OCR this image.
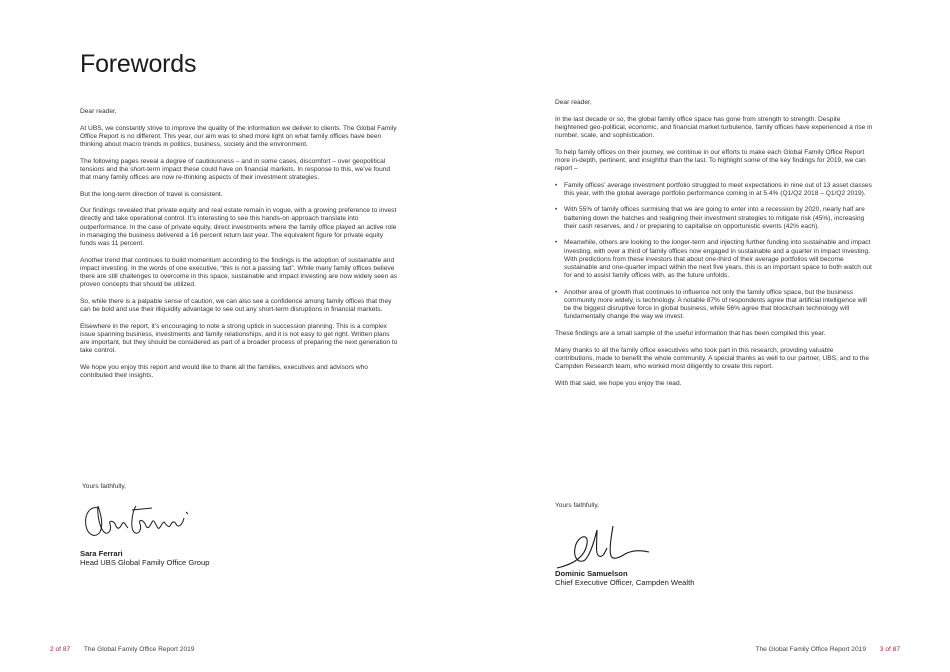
Forewords

Dear reader,

At UBS, we constantly strive to improve the quality of the information we deliver to clients. The Global Family Office Report is no different. This year, our aim was to shed more light on what family offices have been thinking about macro trends in politics, business, society and the environment.

The following pages reveal a degree of cautiousness – and in some cases, discomfort – over geopolitical tensions and the short-term impact these could have on financial markets. In response to this, we’ve found that many family offices are now re-thinking aspects of their investment strategies.

But the long-term direction of travel is consistent.

Our findings revealed that private equity and real estate remain in vogue, with a growing preference to invest directly and take operational control. It’s interesting to see this hands-on approach translate into outperformance. In the case of private equity, direct investments where the family office played an active role in managing the business delivered a 16 percent return last year. The equivalent figure for private equity funds was 11 percent.

Another trend that continues to build momentum according to the findings is the adoption of sustainable and impact investing. In the words of one executive, “this is not a passing fad”. While many family offices believe there are still challenges to overcome in this space, sustainable and impact investing are now widely seen as proven concepts that should be utilized.

So, while there is a palpable sense of caution, we can also see a confidence among family offices that they can be bold and use their illiquidity advantage to see out any short-term disruptions in financial markets.

Elsewhere in the report, it’s encouraging to note a strong uptick in succession planning. This is a complex issue spanning business, investments and family relationships, and it is not easy to get right. Written plans are important, but they should be considered as part of a broader process of preparing the next generation to take control.

We hope you enjoy this report and would like to thank all the families, executives and advisors who contributed their insights.

Yours faithfully,
Sara Ferrari
Head UBS Global Family Office Group
2 of 87 The Global Family Office Report 2019

Dear reader,

In the last decade or so, the global family office space has gone from strength to strength. Despite heightened geo-political, economic, and financial market turbulence, family offices have experienced a rise in number, scale, and sophistication.

To help family offices on their journey, we continue in our efforts to make each Global Family Office Report more in-depth, pertinent, and insightful than the last. To highlight some of the key findings for 2019, we can report –

• Family offices’ average investment portfolio struggled to meet expectations in nine out of 13 asset classes this year, with the global average portfolio performance coming in at 5.4% (Q1/Q2 2018 – Q1/Q2 2019).
• With 55% of family offices surmising that we are going to enter into a recession by 2020, nearly half are battening down the hatches and realigning their investment strategies to mitigate risk (45%), increasing their cash reserves, and / or preparing to capitalise on opportunistic events (42% each).
• Meanwhile, others are looking to the longer-term and injecting further funding into sustainable and impact investing, with over a third of family offices now engaged in sustainable and a quarter in impact investing. With predictions from these investors that about one-third of their average portfolios will become sustainable and one-quarter impact within the next five years, this is an important space to both watch out for and to assist family offices with, as the future unfolds.
• Another area of growth that continues to influence not only the family office space, but the business community more widely, is technology. A notable 87% of respondents agree that artificial intelligence will be the biggest disruptive force in global business, while 56% agree that blockchain technology will fundamentally change the way we invest.

These findings are a small sample of the useful information that has been compiled this year.

Many thanks to all the family office executives who took part in this research, providing valuable contributions, made to benefit the whole community. A special thanks as well to our partner, UBS, and to the Campden Research team, who worked most diligently to create this report.

With that said, we hope you enjoy the read.

Yours faithfully,
Dominic Samuelson
Chief Executive Officer, Campden Wealth
The Global Family Office Report 2019 3 of 87
